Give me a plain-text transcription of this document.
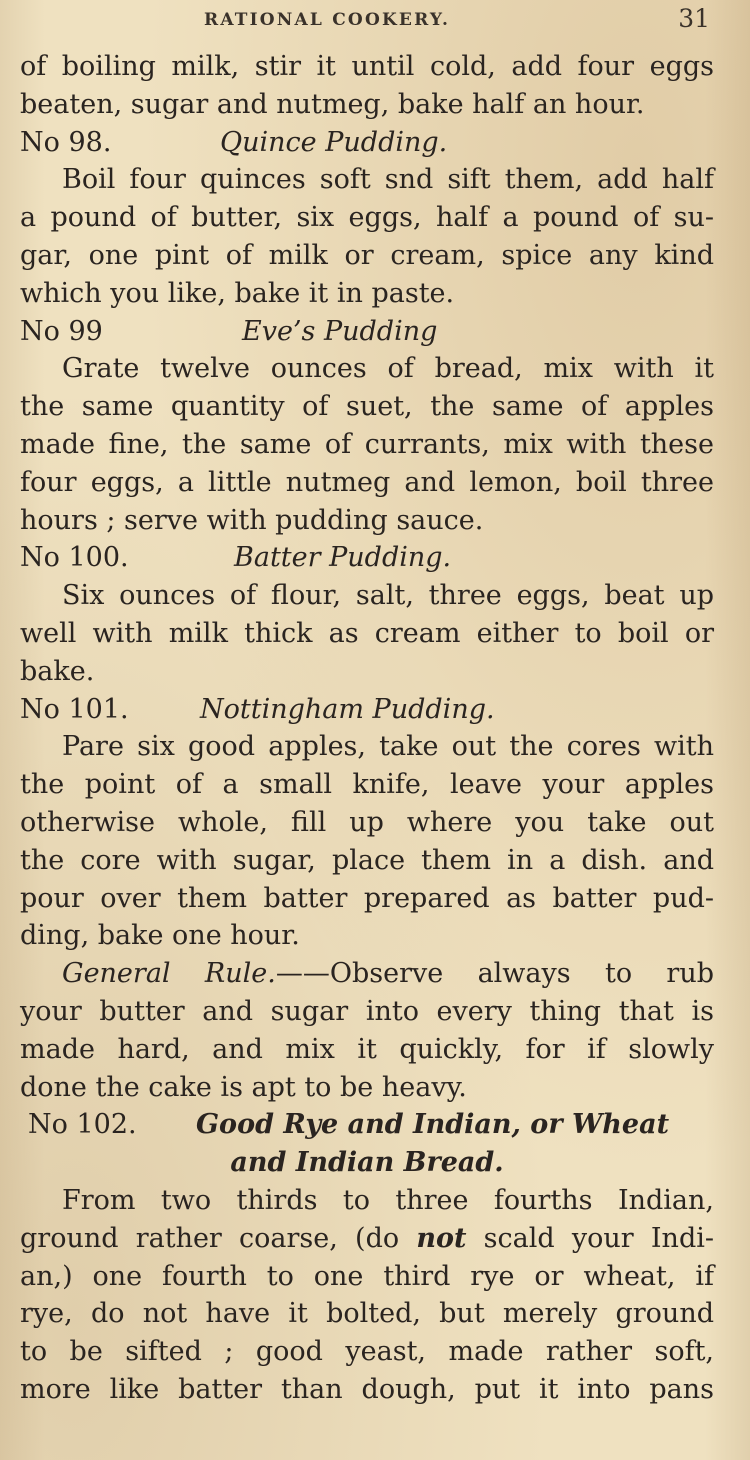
RATIONAL COOKERY.	31
of boiling milk, stir it until cold, add four eggs
beaten, sugar and nutmeg, bake half an hour.
No 98.	Quince Pudding.
Boil four quinces soft snd sift them, add half
a pound of butter, six eggs, half a pound of su-
gar, one pint of milk or cream, spice any kind
which you like, bake it in paste.
No 99	Eve’s Pudding
Grate twelve ounces of bread, mix with it
the same quantity of suet, the same of apples
made fine, the same of currants, mix with these
four eggs, a little nutmeg and lemon, boil three
hours ; serve with pudding sauce.
No 100.	Batter Pudding.
Six ounces of flour, salt, three eggs, beat up
well with milk thick as cream either to boil or
bake.
No 101.	Nottingham Pudding.
Pare six good apples, take out the cores with
the point of a small knife, leave your apples
otherwise whole, fill up where you take out
the core with sugar, place them in a dish. and
pour over them batter prepared as batter pud-
ding, bake one hour.
General Rule.——Observe always to rub
your butter and sugar into every thing that is
made hard, and mix it quickly, for if slowly
done the cake is apt to be heavy.
No 102. Good Rye and Indian, or Wheat
and Indian Bread.
From two thirds to three fourths Indian,
ground rather coarse, (do not scald your Indi-
an,) one fourth to one third rye or wheat, if
rye, do not have it bolted, but merely ground
to be sifted ; good yeast, made rather soft,
more like batter than dough, put it into pans
